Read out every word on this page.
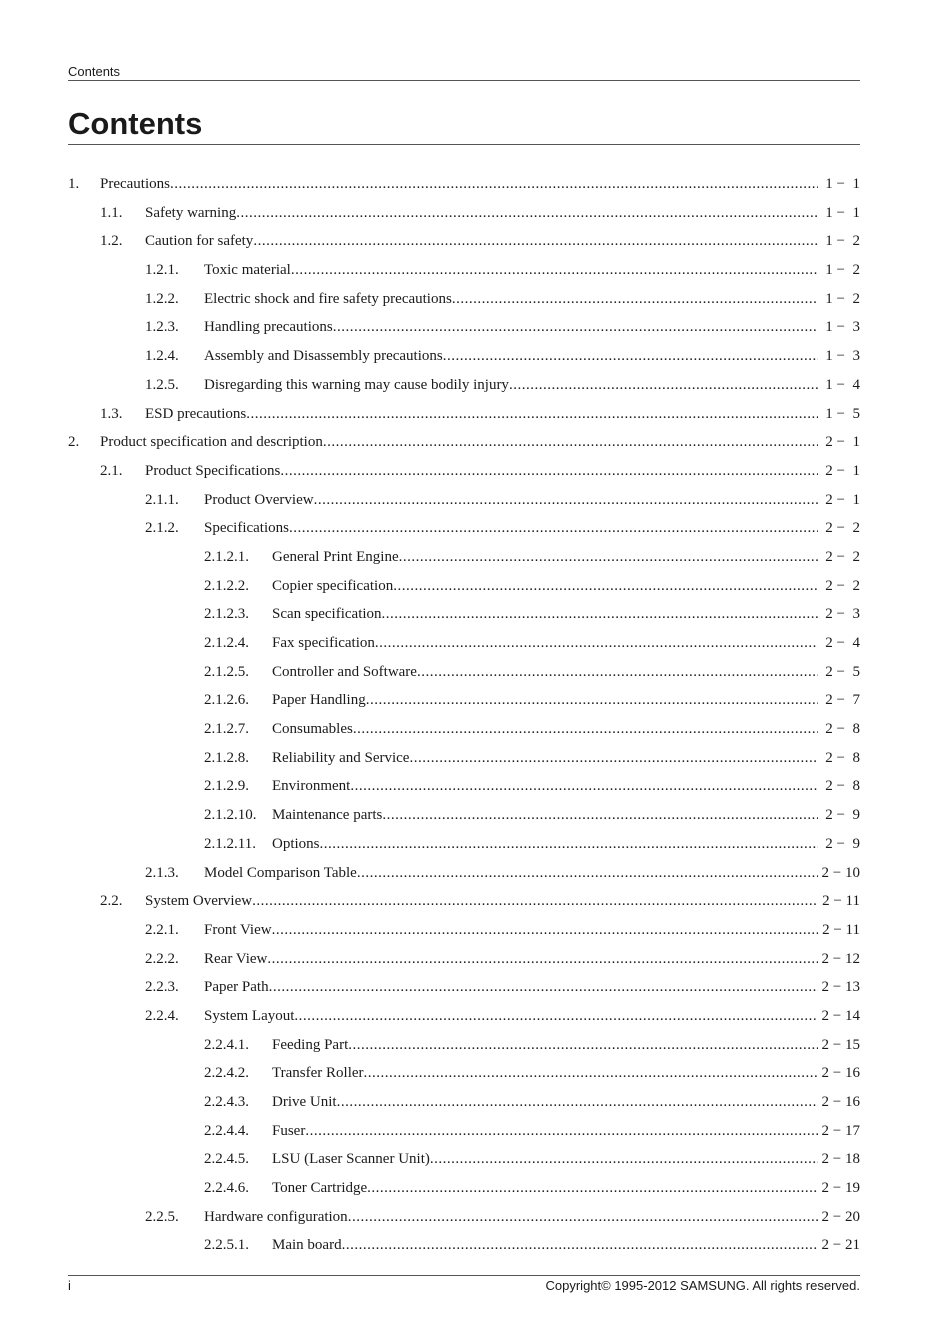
Contents
Contents
1.	Precautions .....	1 −  1
1.1.	Safety warning .....	1 −  1
1.2.	Caution for safety .....	1 −  2
1.2.1.	Toxic material .....	1 −  2
1.2.2.	Electric shock and fire safety precautions .....	1 −  2
1.2.3.	Handling precautions .....	1 −  3
1.2.4.	Assembly and Disassembly precautions .....	1 −  3
1.2.5.	Disregarding this warning may cause bodily injury .....	1 −  4
1.3.	ESD precautions .....	1 −  5
2.	Product specification and description .....	2 −  1
2.1.	Product Specifications .....	2 −  1
2.1.1.	Product Overview .....	2 −  1
2.1.2.	Specifications .....	2 −  2
2.1.2.1.	General Print Engine .....	2 −  2
2.1.2.2.	Copier specification .....	2 −  2
2.1.2.3.	Scan specification .....	2 −  3
2.1.2.4.	Fax specification .....	2 −  4
2.1.2.5.	Controller and Software .....	2 −  5
2.1.2.6.	Paper Handling .....	2 −  7
2.1.2.7.	Consumables .....	2 −  8
2.1.2.8.	Reliability and Service .....	2 −  8
2.1.2.9.	Environment .....	2 −  8
2.1.2.10.	Maintenance parts .....	2 −  9
2.1.2.11.	Options .....	2 −  9
2.1.3.	Model Comparison Table .....	2 − 10
2.2.	System Overview .....	2 − 11
2.2.1.	Front View .....	2 − 11
2.2.2.	Rear View .....	2 − 12
2.2.3.	Paper Path .....	2 − 13
2.2.4.	System Layout .....	2 − 14
2.2.4.1.	Feeding Part .....	2 − 15
2.2.4.2.	Transfer Roller .....	2 − 16
2.2.4.3.	Drive Unit .....	2 − 16
2.2.4.4.	Fuser .....	2 − 17
2.2.4.5.	LSU (Laser Scanner Unit) .....	2 − 18
2.2.4.6.	Toner Cartridge .....	2 − 19
2.2.5.	Hardware configuration .....	2 − 20
2.2.5.1.	Main board .....	2 − 21
i	Copyright© 1995-2012 SAMSUNG. All rights reserved.
